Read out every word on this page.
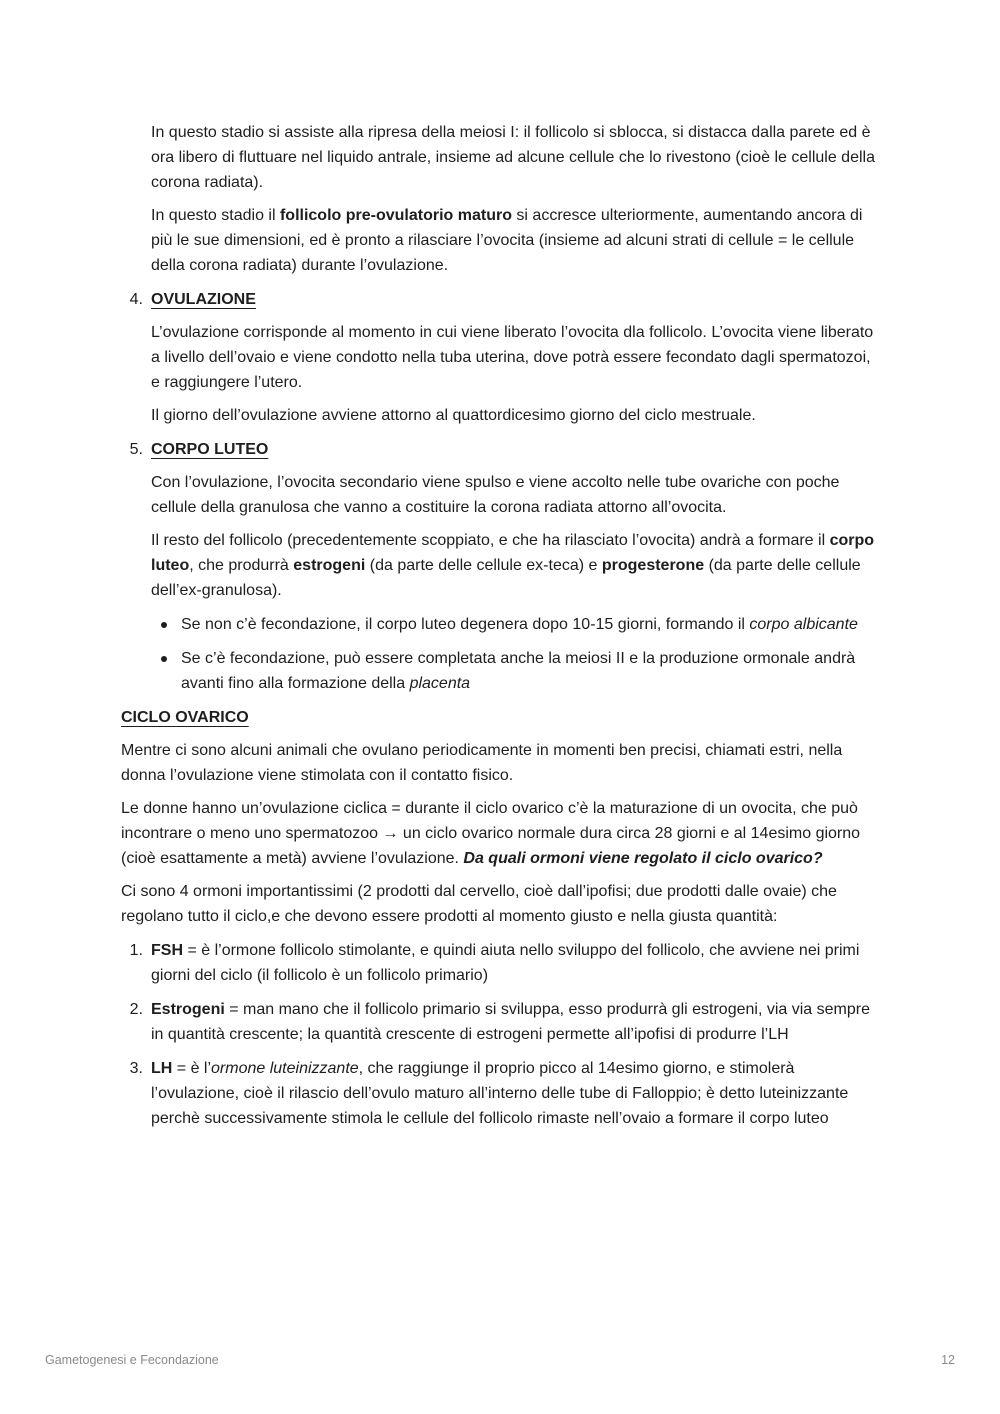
In questo stadio si assiste alla ripresa della meiosi I: il follicolo si sblocca, si distacca dalla parete ed è ora libero di fluttuare nel liquido antrale, insieme ad alcune cellule che lo rivestono (cioè le cellule della corona radiata).

In questo stadio il follicolo pre-ovulatorio maturo si accresce ulteriormente, aumentando ancora di più le sue dimensioni, ed è pronto a rilasciare l’ovocita (insieme ad alcuni strati di cellule = le cellule della corona radiata) durante l’ovulazione.

4. OVULAZIONE

L’ovulazione corrisponde al momento in cui viene liberato l’ovocita dla follicolo. L’ovocita viene liberato a livello dell’ovaio e viene condotto nella tuba uterina, dove potrà essere fecondato dagli spermatozoi, e raggiungere l’utero.

Il giorno dell’ovulazione avviene attorno al quattordicesimo giorno del ciclo mestruale.

5. CORPO LUTEO

Con l’ovulazione, l’ovocita secondario viene spulso e viene accolto nelle tube ovariche con poche cellule della granulosa che vanno a costituire la corona radiata attorno all’ovocita.

Il resto del follicolo (precedentemente scoppiato, e che ha rilasciato l’ovocita) andrà a formare il corpo luteo, che produrrà estrogeni (da parte delle cellule ex-teca) e progesterone (da parte delle cellule dell’ex-granulosa).

Se non c’è fecondazione, il corpo luteo degenera dopo 10-15 giorni, formando il corpo albicante
Se c’è fecondazione, può essere completata anche la meiosi II e la produzione ormonale andrà avanti fino alla formazione della placenta

CICLO OVARICO

Mentre ci sono alcuni animali che ovulano periodicamente in momenti ben precisi, chiamati estri, nella donna l’ovulazione viene stimolata con il contatto fisico.

Le donne hanno un’ovulazione ciclica = durante il ciclo ovarico c’è la maturazione di un ovocita, che può incontrare o meno uno spermatozoo → un ciclo ovarico normale dura circa 28 giorni e al 14esimo giorno (cioè esattamente a metà) avviene l’ovulazione. Da quali ormoni viene regolato il ciclo ovarico?

Ci sono 4 ormoni importantissimi (2 prodotti dal cervello, cioè dall’ipofisi; due prodotti dalle ovaie) che regolano tutto il ciclo,e che devono essere prodotti al momento giusto e nella giusta quantità:

1. FSH = è l’ormone follicolo stimolante, e quindi aiuta nello sviluppo del follicolo, che avviene nei primi giorni del ciclo (il follicolo è un follicolo primario)
2. Estrogeni = man mano che il follicolo primario si sviluppa, esso produrrà gli estrogeni, via via sempre in quantità crescente; la quantità crescente di estrogeni permette all’ipofisi di produrre l’LH
3. LH = è l’ormone luteinizzante, che raggiunge il proprio picco al 14esimo giorno, e stimolerà l’ovulazione, cioè il rilascio dell’ovulo maturo all’interno delle tube di Falloppio; è detto luteinizzante perchè successivamente stimola le cellule del follicolo rimaste nell’ovaio a formare il corpo luteo
Gametogenesi e Fecondazione	12
